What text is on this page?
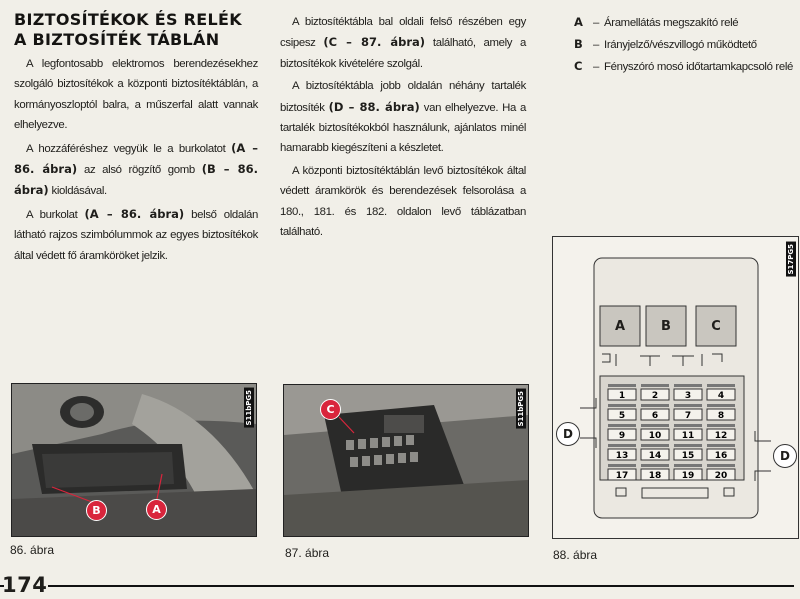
BIZTOSÍTÉKOK ÉS RELÉK
A BIZTOSÍTÉK TÁBLÁN

A legfontosabb elektromos berendezésekhez szolgáló biztosítékok a központi biztosítéktáblán, a kormányoszloptól balra, a műszerfal alatt vannak elhelyezve.

A hozzáféréshez vegyük le a burkolatot (A – 86. ábra) az alsó rögzítő gomb (B – 86. ábra) kioldásával.

A burkolat (A – 86. ábra) belső oldalán látható rajzos szimbólummok az egyes biztosítékok által védett fő áramköröket jelzik.

A biztosítéktábla bal oldali felső részében egy csipesz (C – 87. ábra) található, amely a biztosítékok kivételére szolgál.

A biztosítéktábla jobb oldalán néhány tartalék biztosíték (D – 88. ábra) van elhelyezve. Ha a tartalék biztosítékokból használunk, ajánlatos minél hamarabb kiegészíteni a készletet.

A központi biztosítéktáblán levő biztosítékok által védett áramkörök és berendezések felsorolása a 180., 181. és 182. oldalon levő táblázatban található.

A – Áramellátás megszakító relé
B – Irányjelző/vészvillogó működtető
C – Fényszóró mosó időtartamkapcsoló relé
S11bPG5
B	A
86. ábra
S11bPG5
C
87. ábra
1	2	3	4
5	6	7	8
9	10 11 12
13 14 15 16
17 18 19 20
S17PG5
A	B	C
D
D
88. ábra
174
